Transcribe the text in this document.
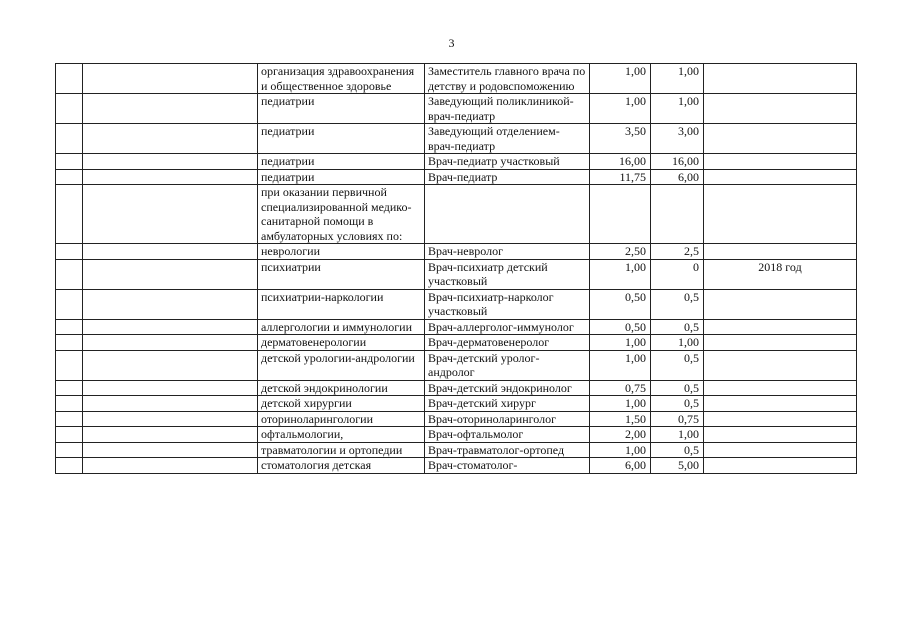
3
		организация здравоохранения и общественное здоровье	Заместитель главного врача по детству и родовспоможению	1,00	1,00	
		педиатрии	Заведующий поликлиникой-врач-педиатр	1,00	1,00	
		педиатрии	Заведующий отделением-врач-педиатр	3,50	3,00	
		педиатрии	Врач-педиатр участковый	16,00	16,00	
		педиатрии	Врач-педиатр	11,75	6,00	
		при оказании первичной специализированной медико-санитарной помощи в амбулаторных условиях по:				
		неврологии	Врач-невролог	2,50	2,5	
		психиатрии	Врач-психиатр детский участковый	1,00	0	2018 год
		психиатрии-наркологии	Врач-психиатр-нарколог участковый	0,50	0,5	
		аллергологии и иммунологии	Врач-аллерголог-иммунолог	0,50	0,5	
		дерматовенерологии	Врач-дерматовенеролог	1,00	1,00	
		детской урологии-андрологии	Врач-детский уролог-андролог	1,00	0,5	
		детской эндокринологии	Врач-детский эндокринолог	0,75	0,5	
		детской хирургии	Врач-детский хирург	1,00	0,5	
		оториноларингологии	Врач-оториноларинголог	1,50	0,75	
		офтальмологии,	Врач-офтальмолог	2,00	1,00	
		травматологии и ортопедии	Врач-травматолог-ортопед	1,00	0,5	
		стоматология детская	Врач-стоматолог-	6,00	5,00	
